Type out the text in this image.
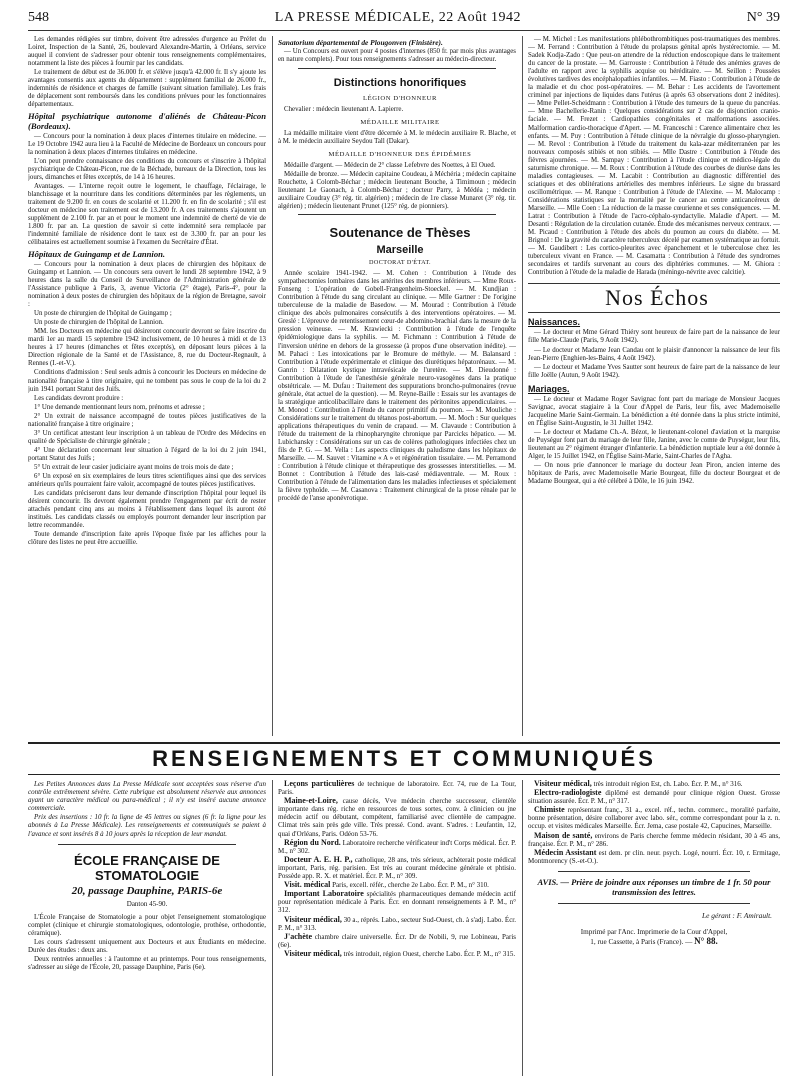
548	LA PRESSE MÉDICALE, 22 Août 1942	N° 39

Les demandes rédigées sur timbre, doivent être adressées d'urgence au Préfet du Loiret, Inspection de la Santé, 26, boulevard Alexandre-Martin, à Orléans, service auquel il convient de s'adresser pour obtenir tous renseignements complémentaires, notamment la liste des pièces à fournir par les candidats.

Le traitement de début est de 36.000 fr. et s'élève jusqu'à 42.000 fr. Il s'y ajoute les avantages consentis aux agents du département : supplément familial de 26.000 fr., indemnités de résidence et charges de famille (suivant situation familiale). Les frais de déplacement sont remboursés dans les conditions prévues pour les fonctionnaires départementaux.

Hôpital psychiatrique autonome d'aliénés de Château-Picon (Bordeaux).

— Concours pour la nomination à deux places d'internes titulaire en médecine. — Le 19 Octobre 1942 aura lieu à la Faculté de Médecine de Bordeaux un concours pour la nomination à deux places d'internes titulaires en médecine.

L'on peut prendre connaissance des conditions du concours et s'inscrire à l'hôpital psychiatrique de Château-Picon, rue de la Béchade, bureaux de la Direction, tous les jours, dimanches et fêtes exceptés, de 14 à 16 heures.

Avantages. — L'interne reçoit outre le logement, le chauffage, l'éclairage, le blanchissage et la nourriture dans les conditions déterminées par les règlements, un traitement de 9.200 fr. en cours de scolarité et 11.200 fr. en fin de scolarité ; s'il est docteur en médecine son traitement est de 13.200 fr. A ces traitements s'ajoutent un supplément de 2.100 fr. par an et pour le moment une indemnité de cherté de vie de 1.800 fr. par an. La question de savoir si cette indemnité sera remplacée par l'indemnité familiale de résidence dont le taux est de 3.300 fr. par an pour les célibataires est actuellement soumise à l'examen du Secrétaire d'État.

Hôpitaux de Guingamp et de Lannion.

— Concours pour la nomination à deux places de chirurgien des hôpitaux de Guingamp et Lannion. — Un concours sera ouvert le lundi 28 septembre 1942, à 9 heures dans la salle du Conseil de Surveillance de l'Administration générale de l'Assistance publique à Paris, 3, avenue Victoria (2° étage), Paris-4°, pour la nomination à deux postes de chirurgien des hôpitaux de la région de Bretagne, savoir :

Un poste de chirurgien de l'hôpital de Guingamp ;

Un poste de chirurgien de l'hôpital de Lannion.

MM. les Docteurs en médecine qui désireront concourir devront se faire inscrire du mardi 1er au mardi 15 septembre 1942 inclusivement, de 10 heures à midi et de 13 heures à 17 heures (dimanches et fêtes exceptés), en déposant leurs pièces à la Direction régionale de la Santé et de l'Assistance, 8, rue du Docteur-Regnault, à Rennes (I.-et-V.).

Conditions d'admission : Seul seuls admis à concourir les Docteurs en médecine de nationalité française à titre originaire, qui ne tombent pas sous le coup de la loi du 2 juin 1941 portant Statut des Juifs.

Les candidats devront produire :

1° Une demande mentionnant leurs nom, prénoms et adresse ;

2° Un extrait de naissance accompagné de toutes pièces justificatives de la nationalité française à titre originaire ;

3° Un certificat attestant leur inscription à un tableau de l'Ordre des Médecins en qualité de Spécialiste de chirurgie générale ;

4° Une déclaration concernant leur situation à l'égard de la loi du 2 juin 1941, portant Statut des Juifs ;

5° Un extrait de leur casier judiciaire ayant moins de trois mois de date ;

6° Un exposé en six exemplaires de leurs titres scientifiques ainsi que des services antérieurs qu'ils pourraient faire valoir, accompagné de toutes pièces justificatives.

Les candidats préciseront dans leur demande d'inscription l'hôpital pour lequel ils désirent concourir. Ils devront également prendre l'engagement par écrit de rester attachés pendant cinq ans au moins à l'établissement dans lequel ils auront été institués. Les candidats classés ou employés pourront demander leur inscription par lettre recommandée.

Toute demande d'inscription faite après l'époque fixée par les affiches pour la clôture des listes ne peut être accueillie.

Sanatorium départemental de Plougonven (Finistère).

— Un Concours est ouvert pour 4 postes d'internes (850 fr. par mois plus avantages en nature complets). Pour tous renseignements s'adresser au médecin-directeur.

Distinctions honorifiques

LÉGION D'HONNEUR

Chevalier : médecin lieutenant A. Lapierre.

MÉDAILLE MILITAIRE

La médaille militaire vient d'être décernée à M. le médecin auxiliaire R. Blache, et à M. le médecin auxiliaire Seydou Tall (Dakar).

MÉDAILLE D'HONNEUR DES ÉPIDÉMIES

Médaille d'argent. — Médecin de 2° classe Lefebvre des Noettes, à El Oued.

Médaille de bronze. — Médecin capitaine Coudeau, à Méchéria ; médecin capitaine Rouchette, à Colomb-Béchar ; médecin lieutenant Bouche, à Timimoun ; médecin lieutenant Le Gaonach, à Colomb-Béchar ; docteur Parry, à Médéa ; médecin auxiliaire Coudray (3° rég. tir. algérien) ; médecin de 1re classe Munaret (3° rég. tir. algérien) ; médecin lieutenant Prunet (125° rég. de pionniers).

Soutenance de Thèses

Marseille

DOCTORAT D'ÉTAT.

Année scolaire 1941-1942. — M. Cohen : Contribution à l'étude des sympathectomies lombaires dans les artérites des membres inférieurs. — Mme Roux-Fonseng : L'opération de Gobell-Frangenheim-Stoeckel. — M. Kundjian : Contribution à l'étude du sang circulant au clinique. — Mlle Gartner : De l'origine tuberculeuse de la maladie de Basedow. — M. Mourad : Contribution à l'étude clinique des abcès pulmonaires consécutifs à des interventions opératoires. — M. Greslé : L'épreuve de retentissement cœur-de abdomino-brachial dans la mesure de la pression veineuse. — M. Krawiecki : Contribution à l'étude de l'enquête épidémiologique dans la syphilis. — M. Fichmann : Contribution à l'étude de l'inversion utérine en dehors de la grossesse (à propos d'une observation inédite). — M. Pahaci : Les intoxications par le Bromure de méthyle. — M. Balansard : Contribution à l'étude expérimentale et clinique des diurétiques hépatorénaux. — M. Ganrin : Dilatation kystique intravésicale de l'uretère. — M. Dieudonné : Contribution à l'étude de l'anesthésie générale neuro-vasogènes dans la pratique obstétricale. — M. Dufau : Traitement des suppurations broncho-pulmonaires (revue générale, état actuel de la question). — M. Reyne-Baille : Essais sur les avantages de la stratégique anticolibacillaire dans le traitement des péritonites appendiculaires. — M. Monod : Contribution à l'étude du cancer primitif du poumon. — M. Mouliche : Considérations sur le traitement du tétanos post-abortum. — M. Moch : Sur quelques applications thérapeutiques du venin de crapaud. — M. Clavaude : Contribution à l'étude du traitement de la rhinopharyngite chronique par Parcicks hépatico. — M. Lubichansky : Considérations sur un cas de colères pathologiques infectiées chez un fils de P. G. — M. Vella : Les aspects cliniques du paludisme dans les hôpitaux de Marseille. — M. Sauvet : Vitamine « A » et régénération tissulaire. — M. Perramond : Contribution à l'étude clinique et thérapeutique des grossesses interstitielles. — M. Bonnet : Contribution à l'étude des lais-casé médiaventrale. — M. Roux : Contribution à l'étude de l'alimentation dans les maladies infectieuses et spécialement la fièvre typhoïde. — M. Casanova : Traitement chirurgical de la ptose rénale par le procédé de l'anse aponévrotique.

— M. Michel : Les manifestations phlébothrombitiques post-traumatiques des membres. — M. Ferrand : Contribution à l'étude du prolapsus génital après hystérectomie. — M. Sadek Kodja-Zado : Que peut-on attendre de la réduction endoscopique dans le traitement du cancer de la prostate. — M. Garrouste : Contribution à l'étude des anémies graves de l'adulte en rapport avec la syphilis acquise ou héréditaire. — M. Seillon : Poussées évolutives tardives des encéphalopathies infantiles. — M. Fiasto : Contribution à l'étude de la maladie et du choc post-opératoires. — M. Behar : Les accidents de l'avortement criminel par injections de liquides dans l'utérus (à après 63 observations dont 2 inédites). — Mme Pellet-Scheidmann : Contribution à l'étude des tumeurs de la queue du pancréas. — Mme Bachellerie-Ranin : Quelques considérations sur 2 cas de disjonction cranio-faciale. — M. Frezet : Cardiopathies congénitales et malformations associées. Malformation cardio-thoracique d'Apert. — M. Franceschi : Carence alimentaire chez les enfants. — M. Puy : Contribution à l'étude clinique de la névralgie du glosso-pharyngien. — M. Revol : Contribution à l'étude du traitement du kala-azar méditerranéen par les nouveaux composés stibiés et non stibiés. — Mlle Dastre : Contribution à l'étude des fièvres ajournées. — M. Sampay : Contribution à l'étude clinique et médico-légale du saturnisme chronique. — M. Roux : Contribution à l'étude des courbes de diurèse dans les maladies contagieuses. — M. Lacabit : Contribution au diagnostic différentiel des sciatiques et des oblitérations artérielles des membres inférieurs. Le signe du brassard oscillométrique. — M. Ranque : Contribution à l'étude de l'Alexine. — M. Malocamp : Considérations statistiques sur la mortalité par le cancer au centre anticancéreux de Marseille. — Mlle Coen : La réduction de la masse cœurienne et ses conséquences. — M. Latrat : Contribution à l'étude de l'acro-céphalo-syndactylie. Maladie d'Apert. — M. Desanti : Régulation de la circulation cutanée. Étude des mécanismes nerveux centraux. — M. Picaud : Contribution à l'étude des abcès du poumon au cours du diabète. — M. Brignol : De la gravité du caractère tuberculeux décelé par examen systématique au fortuit. — M. Gaudibert : Les cortico-pleurites avec épanchement et le tuberculose chez les tuberculeux vivant en France. — M. Casamatta : Contribution à l'étude des syndromes secondaires et tardifs survenant au cours des diphtéries communes. — M. Ghiora : Contribution à l'étude de la maladie de Harada (méningo-névrite avec calcitie).

Nos Échos

Naissances.

— Le docteur et Mme Gérard Thiéry sont heureux de faire part de la naissance de leur fille Marie-Claude (Paris, 9 Août 1942).

— Le docteur et Madame Jean Candau ont le plaisir d'annoncer la naissance de leur fils Jean-Pierre (Enghien-les-Bains, 4 Août 1942).

— Le docteur et Madame Yves Sautter sont heureux de faire part de la naissance de leur fille Joëlle (Autun, 9 Août 1942).

Mariages.

— Le docteur et Madame Roger Savignac font part du mariage de Monsieur Jacques Savignac, avocat stagiaire à la Cour d'Appel de Paris, leur fils, avec Mademoiselle Jacqueline Marie Saint-Germain. La bénédiction a été donnée dans la plus stricte intimité, en l'Église Saint-Augustin, le 31 Juillet 1942.

— Le docteur et Madame Ch.-A. Bézot, le lieutenant-colonel d'aviation et la marquise de Puységur font part du mariage de leur fille, Janine, avec le comte de Puységur, leur fils, lieutenant au 2° régiment étranger d'infanterie. La bénédiction nuptiale leur a été donnée à Alger, le 15 Juillet 1942, en l'Église Saint-Marie, Saint-Charles de l'Agha.

— On nous prie d'annoncer le mariage du docteur Jean Piron, ancien interne des hôpitaux de Paris, avec Mademoiselle Marie Bourgeat, fille du docteur Bourgeat et de Madame Bourgeat, qui a été célébré à Dôle, le 16 juin 1942.

RENSEIGNEMENTS ET COMMUNIQUÉS

Les Petites Annonces dans La Presse Médicale sont acceptées sous réserve d'un contrôle extrêmement sévère. Cette rubrique est absolument réservée aux annonces ayant un caractère médical ou para-médical ; il n'y est inséré aucune annonce commerciale.

Prix des insertions : 10 fr. la ligne de 45 lettres ou signes (6 fr. la ligne pour les abonnés à La Presse Médicale). Les renseignements et communiqués se paient à l'avance et sont insérés 8 à 10 jours après la réception de leur mandat.

ÉCOLE FRANÇAISE DE STOMATOLOGIE

20, passage Dauphine, PARIS-6e

Danton 45-90.

L'École Française de Stomatologie a pour objet l'enseignement stomatologique complet (clinique et chirurgie stomatologiques, odontologie, prothèse, orthodontie, céramique).

Les cours s'adressent uniquement aux Docteurs et aux Étudiants en médecine. Durée des études : deux ans.

Deux rentrées annuelles : à l'automne et au printemps. Pour tous renseignements, s'adresser au siège de l'École, 20, passage Dauphine, Paris (6e).

Leçons particulières de technique de laboratoire. Écr. 74, rue de La Tour, Paris.

Maine-et-Loire, cause décès, Vve médecin cherche successeur, clientèle importante dans rég. riche en ressources de tous sortes, conv. à clinicien ou jne médecin actif ou débutant, compétent, familiarisé avec clientèle de campagne. Climat très sain près gde ville. Très pressé. Cond. avant. S'adres. : Leufantin, 12, quai d'Orléans, Paris. Odéon 53-76.

Région du Nord. Laboratoire recherche vérificateur ind't Corps médical. Écr. P. M., n° 302.

Docteur A. E. H. P., catholique, 28 ans, très sérieux, achèterait poste médical important, Paris, rég. parisien. Est très au courant médecine générale et phtisio. Possède app. R. X. et matériel. Écr. P. M., n° 309.

Visit. médical Paris, excell. référ., cherche 2e Labo. Écr. P. M., n° 310.

Important Laboratoire spécialités pharmaceutiques demande médecin actif pour représentation médicale à Paris. Écr. en donnant renseignements à P. M., n° 312.

Visiteur médical, 30 a., réprés. Labo., secteur Sud-Ouest, ch. à s'adj. Labo. Écr. P. M., n° 313.

J'achète chambre claire universelle. Écr. Dr de Nobili, 9, rue Lobineau, Paris (6e).

Visiteur médical, très introduit, région Ouest, cherche Labo. Écr. P. M., n° 315.

Visiteur médical, très introduit région Est, ch. Labo. Écr. P. M., n° 316.

Electro-radiologiste diplômé est demandé pour clinique région Ouest. Grosse situation assurée. Écr. P. M., n° 317.

Chimiste représentant franç., 31 a., excel. réf., techn. commerc., moralité parfaite, bonne présentation, désire collaborer avec labo. sér., comme correspondant pour la z. n. occup. et visites médicales Marseille. Écr. Jema, case postale 42, Capucines, Marseille.

Maison de santé, environs de Paris cherche femme médecin résidant, 30 à 45 ans, française. Écr. P. M., n° 286.

Médecin Assistant est dem. pr clin. neur. psych. Logé, nourri. Écr. 10, r. Ermitage, Montmorency (S.-et-O.).

AVIS. — Prière de joindre aux réponses un timbre de 1 fr. 50 pour transmission des lettres.

Le gérant : F. Amirault.

Imprimé par l'Anc. Imprimerie de la Cour d'Appel,
1, rue Cassette, à Paris (France). — N° 88.
